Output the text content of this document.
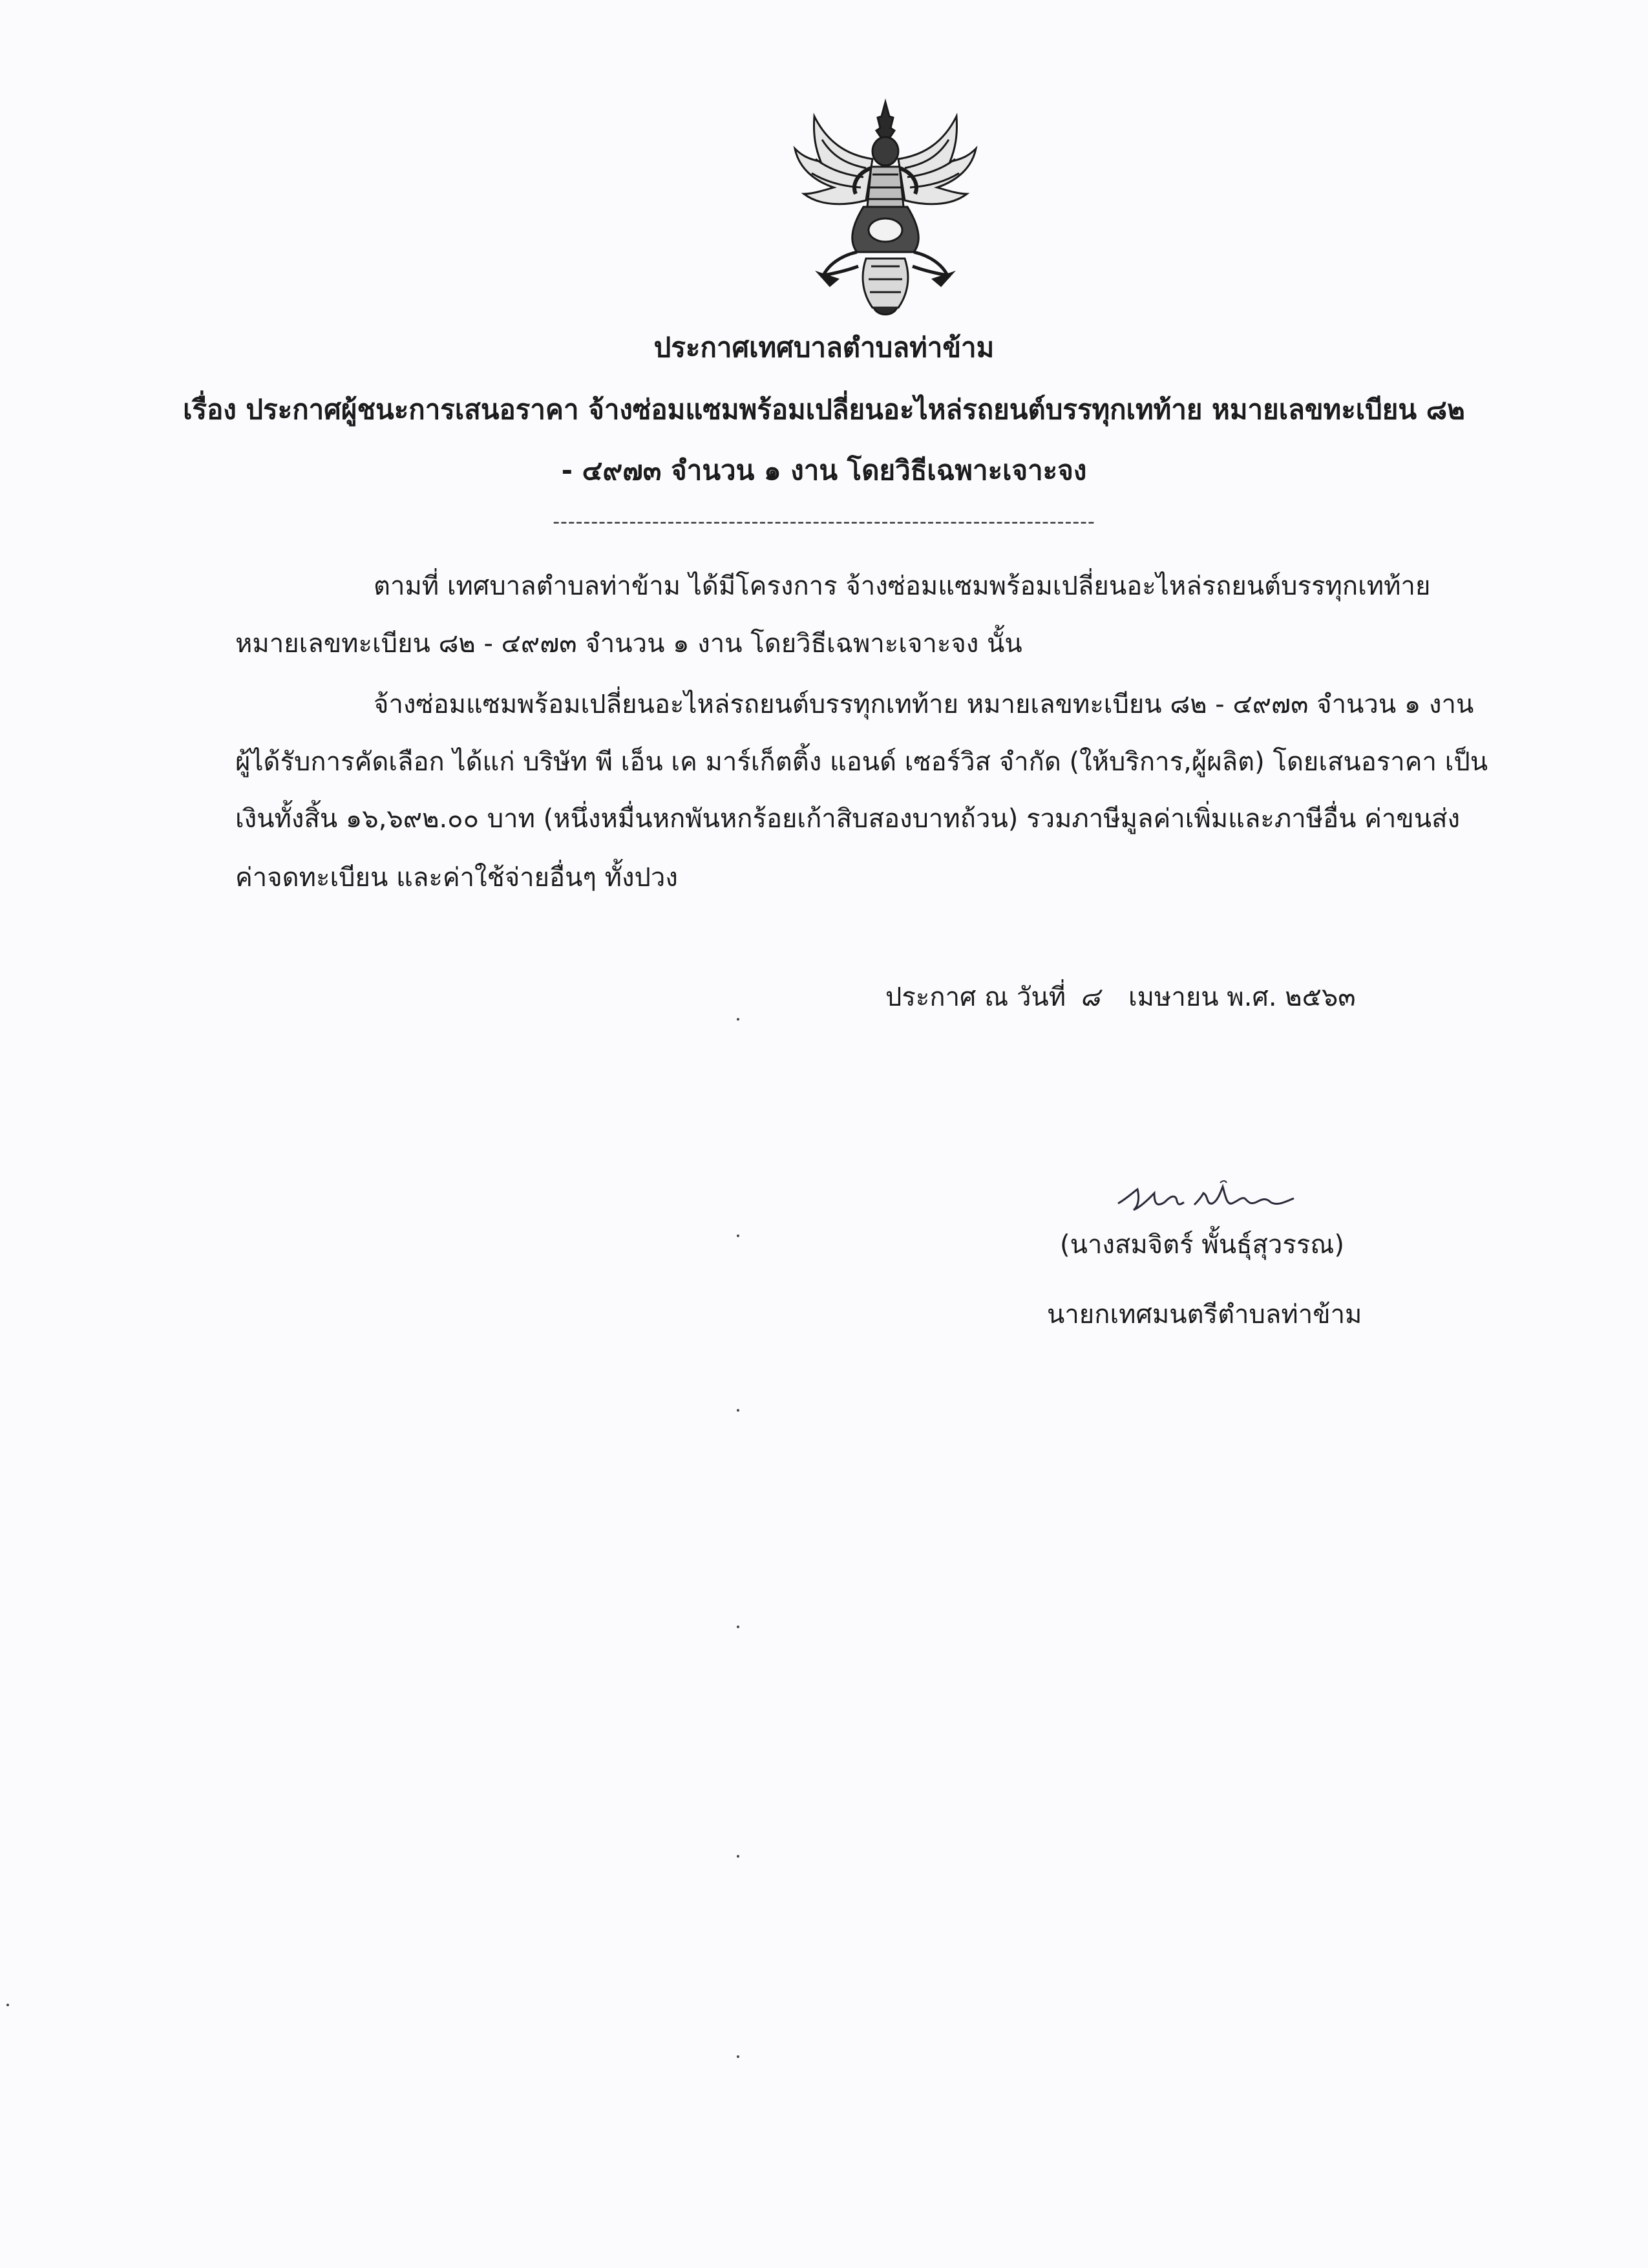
ประกาศเทศบาลตำบลท่าข้าม
เรื่อง ประกาศผู้ชนะการเสนอราคา จ้างซ่อมแซมพร้อมเปลี่ยนอะไหล่รถยนต์บรรทุกเทท้าย หมายเลขทะเบียน ๘๒
- ๔๙๗๓ จำนวน ๑ งาน โดยวิธีเฉพาะเจาะจง
-----------------------------------------------------------------------
ตามที่ เทศบาลตำบลท่าข้าม ได้มีโครงการ จ้างซ่อมแซมพร้อมเปลี่ยนอะไหล่รถยนต์บรรทุกเทท้าย
หมายเลขทะเบียน ๘๒ - ๔๙๗๓ จำนวน ๑ งาน โดยวิธีเฉพาะเจาะจง นั้น
จ้างซ่อมแซมพร้อมเปลี่ยนอะไหล่รถยนต์บรรทุกเทท้าย หมายเลขทะเบียน ๘๒ - ๔๙๗๓ จำนวน ๑ งาน
ผู้ได้รับการคัดเลือก ได้แก่ บริษัท พี เอ็น เค มาร์เก็ตติ้ง แอนด์ เซอร์วิส จำกัด (ให้บริการ,ผู้ผลิต) โดยเสนอราคา เป็น
เงินทั้งสิ้น ๑๖,๖๙๒.๐๐ บาท (หนึ่งหมื่นหกพันหกร้อยเก้าสิบสองบาทถ้วน) รวมภาษีมูลค่าเพิ่มและภาษีอื่น ค่าขนส่ง
ค่าจดทะเบียน และค่าใช้จ่ายอื่นๆ ทั้งปวง
ประกาศ ณ วันที่ ๘ เมษายน พ.ศ. ๒๕๖๓
(นางสมจิตร์ พั้นธุ์สุวรรณ)
นายกเทศมนตรีตำบลท่าข้าม
